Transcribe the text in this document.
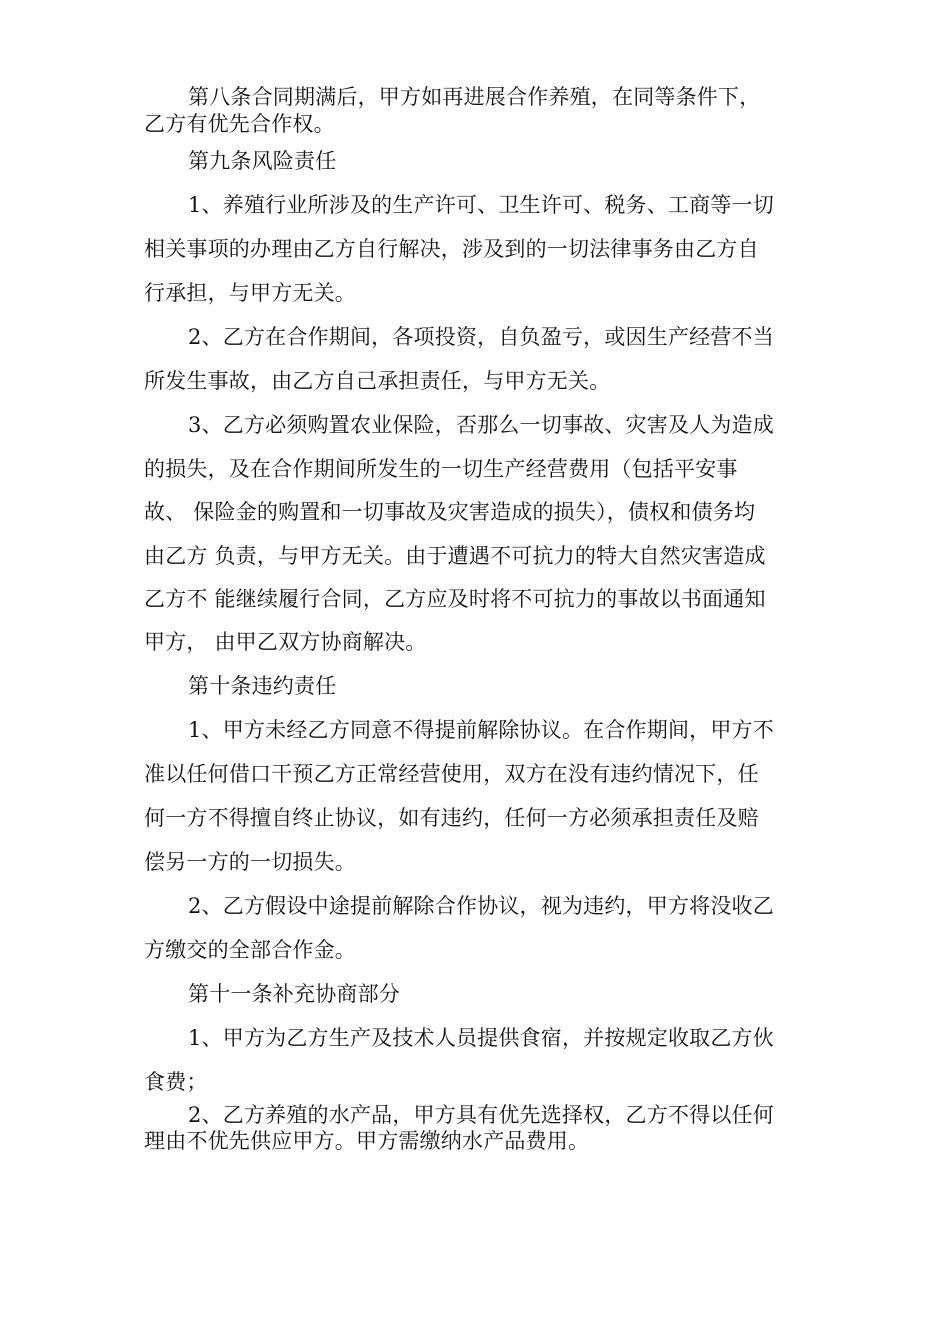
第八条合同期满后，甲方如再进展合作养殖，在同等条件下，
乙方有优先合作权。
第九条风险责任
1、养殖行业所涉及的生产许可、卫生许可、税务、工商等一切
相关事项的办理由乙方自行解决，涉及到的一切法律事务由乙方自
行承担，与甲方无关。
2、乙方在合作期间，各项投资，自负盈亏，或因生产经营不当
所发生事故，由乙方自己承担责任，与甲方无关。
3、乙方必须购置农业保险，否那么一切事故、灾害及人为造成
的损失，及在合作期间所发生的一切生产经营费用（包括平安事
故、 保险金的购置和一切事故及灾害造成的损失），债权和债务均
由乙方 负责，与甲方无关。由于遭遇不可抗力的特大自然灾害造成
乙方不 能继续履行合同，乙方应及时将不可抗力的事故以书面通知
甲方， 由甲乙双方协商解决。
第十条违约责任
1、甲方未经乙方同意不得提前解除协议。在合作期间，甲方不
准以任何借口干预乙方正常经营使用，双方在没有违约情况下，任
何一方不得擅自终止协议，如有违约，任何一方必须承担责任及赔
偿另一方的一切损失。
2、乙方假设中途提前解除合作协议，视为违约，甲方将没收乙
方缴交的全部合作金。
第十一条补充协商部分
1、甲方为乙方生产及技术人员提供食宿，并按规定收取乙方伙
食费；
2、乙方养殖的水产品，甲方具有优先选择权，乙方不得以任何
理由不优先供应甲方。甲方需缴纳水产品费用。
